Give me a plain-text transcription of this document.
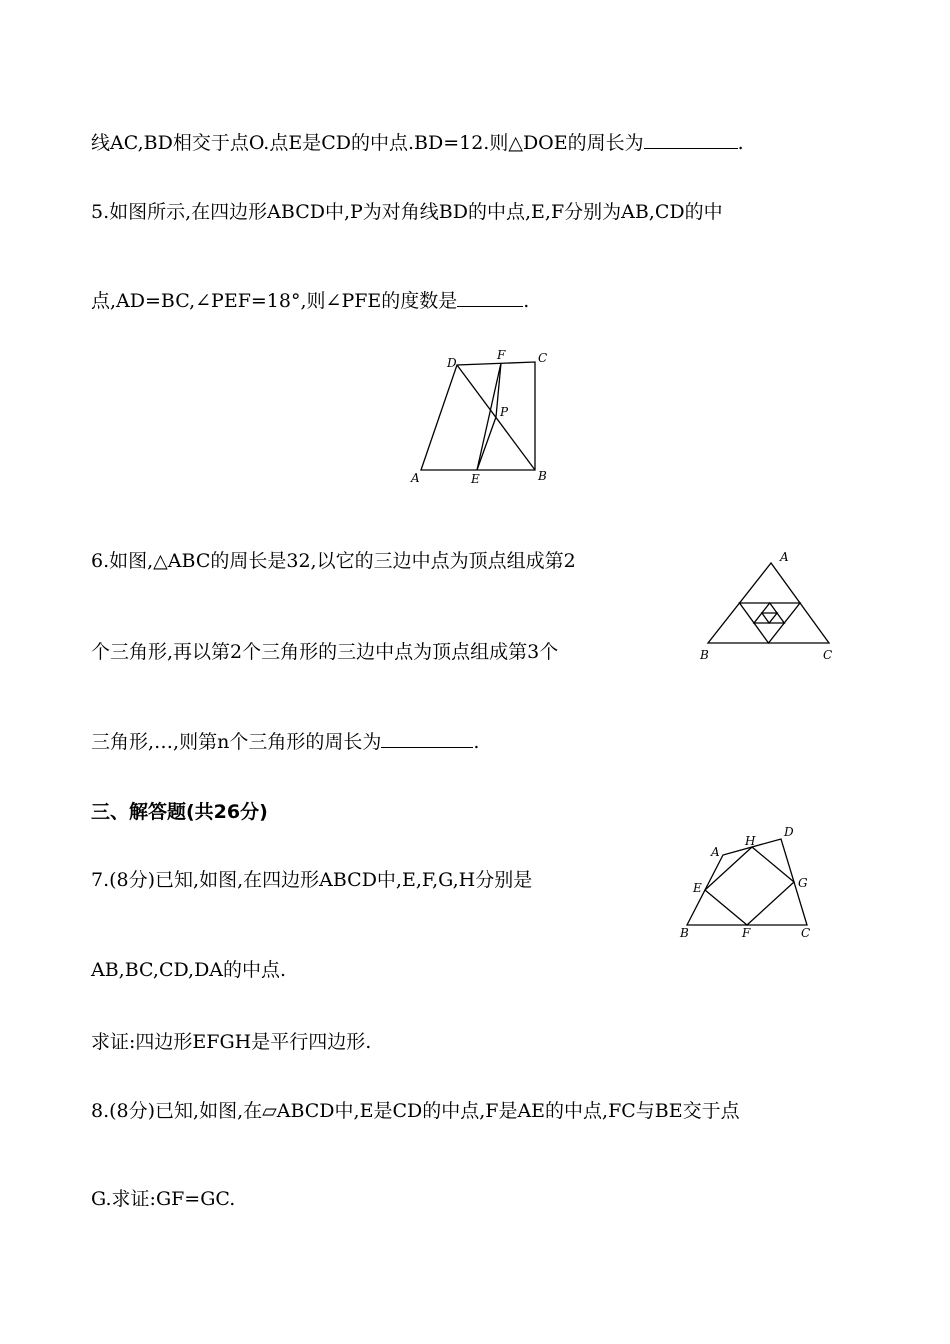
线AC,BD相交于点O.点E是CD的中点.BD=12.则△DOE的周长为	.
5.如图所示,在四边形ABCD中,P为对角线BD的中点,E,F分别为AB,CD的中
点,AD=BC,∠PEF=18°,则∠PFE的度数是	.
D
F	C
P
A	E	B
6.如图,△ABC的周长是32,以它的三边中点为顶点组成第2
个三角形,再以第2个三角形的三边中点为顶点组成第3个
三角形,…,则第n个三角形的周长为	.
A
B	C
三、解答题(共26分)
7.(8分)已知,如图,在四边形ABCD中,E,F,G,H分别是
AB,BC,CD,DA的中点.
求证:四边形EFGH是平行四边形.
A
H
D
E	G
B	F	C
8.(8分)已知,如图,在▱ABCD中,E是CD的中点,F是AE的中点,FC与BE交于点
G.求证:GF=GC.
